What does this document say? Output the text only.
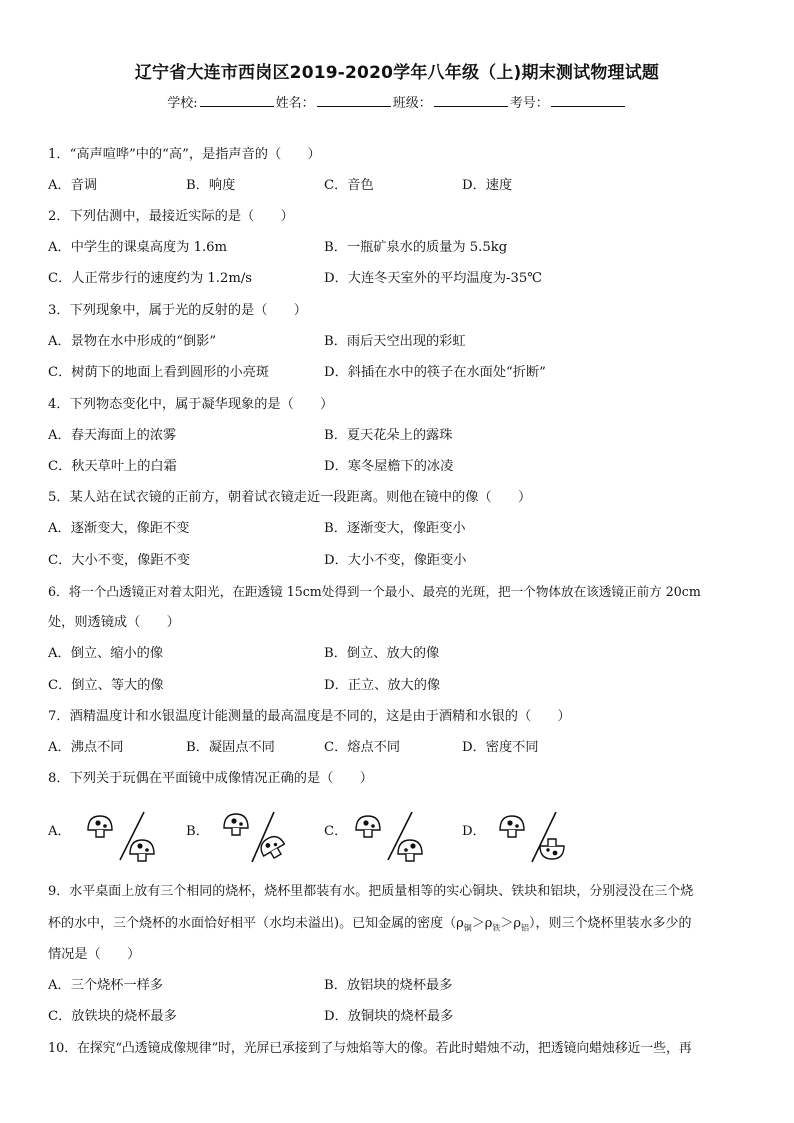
辽宁省大连市西岗区2019-2020学年八年级（上)期末测试物理试题
学校:	姓名：	班级：	考号：
1．“高声喧哗”中的“高”，是指声音的（　　）
A．音调	B．响度	C．音色	D．速度
2．下列估测中，最接近实际的是（　　）
A．中学生的课桌高度为 1.6m	B．一瓶矿泉水的质量为 5.5kg
C．人正常步行的速度约为 1.2m/s	D．大连冬天室外的平均温度为-35℃
3．下列现象中，属于光的反射的是（　　）
A．景物在水中形成的“倒影”	B．雨后天空出现的彩虹
C．树荫下的地面上看到圆形的小亮斑	D．斜插在水中的筷子在水面处“折断”
4．下列物态变化中，属于凝华现象的是（　　）
A．春天海面上的浓雾	B．夏天花朵上的露珠
C．秋天草叶上的白霜	D．寒冬屋檐下的冰凌
5．某人站在试衣镜的正前方，朝着试衣镜走近一段距离。则他在镜中的像（　　）
A．逐渐变大，像距不变	B．逐渐变大，像距变小
C．大小不变，像距不变	D．大小不变，像距变小
6．将一个凸透镜正对着太阳光，在距透镜 15cm处得到一个最小、最亮的光斑，把一个物体放在该透镜正前方 20cm
处，则透镜成（　　）
A．倒立、缩小的像	B．倒立、放大的像
C．倒立、等大的像	D．正立、放大的像
7．酒精温度计和水银温度计能测量的最高温度是不同的，这是由于酒精和水银的（　　）
A．沸点不同	B．凝固点不同	C．熔点不同	D．密度不同
8．下列关于玩偶在平面镜中成像情况正确的是（　　）
A．	B．	C．	D．
9．水平桌面上放有三个相同的烧杯，烧杯里都装有水。把质量相等的实心铜块、铁块和铝块，分别浸没在三个烧
杯的水中，三个烧杯的水面恰好相平（水均未溢出)。已知金属的密度$(\rho_铜>\rho_铁>\rho_铝)$，则三个烧杯里装水多少的
情况是（　　）
A．三个烧杯一样多	B．放铝块的烧杯最多
C．放铁块的烧杯最多	D．放铜块的烧杯最多
10．在探究“凸透镜成像规律”时，光屏已承接到了与烛焰等大的像。若此时蜡烛不动，把透镜向蜡烛移近一些，再
